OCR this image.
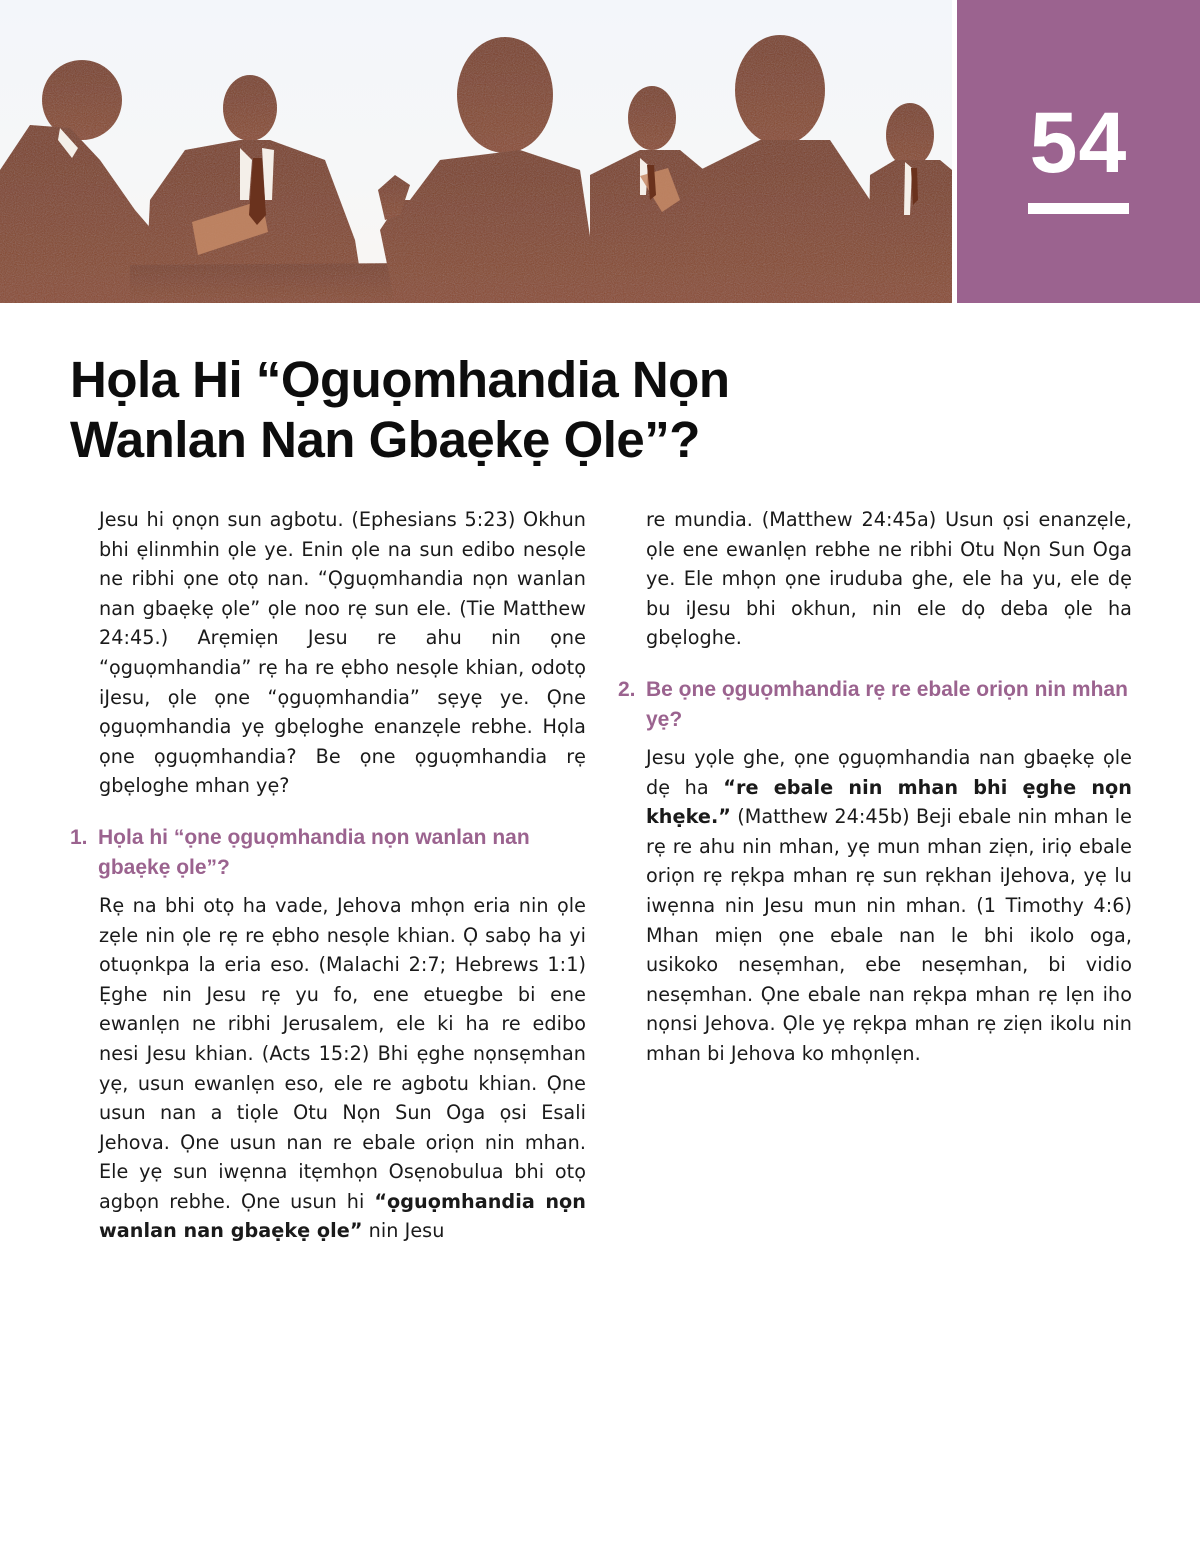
54
Họla Hi “Ọguọmhandia Nọn
Wanlan Nan Gbaẹkẹ Ọle”?

Jesu hi ọnọn sun agbotu. (Ephesians 5:23) Okhun bhi ẹlinmhin ọle ye. Enin ọle na sun edibo nesọle ne ribhi ọne otọ nan. “Ọguọmhandia nọn wanlan nan gbaẹkẹ ọle” ọle noo rẹ sun ele. (Tie Matthew 24:45.) Arẹmiẹn Jesu re ahu nin ọne “ọguọmhandia” rẹ ha re ẹbho nesọle khian, odotọ iJesu, ọle ọne “ọguọmhandia” sẹyẹ ye. Ọne ọguọmhandia yẹ gbẹloghe enanzẹle rebhe. Họla ọne ọguọmhandia? Be ọne ọguọmhandia rẹ gbẹloghe mhan yẹ?

1. Họla hi “ọne ọguọmhandia nọn wanlan nan gbaẹkẹ ọle”?

Rẹ na bhi otọ ha vade, Jehova mhọn eria nin ọle zẹle nin ọle rẹ re ẹbho nesọle khian. Ọ sabọ ha yi otuọnkpa la eria eso. (Malachi 2:7; Hebrews 1:1) Ẹghe nin Jesu rẹ yu fo, ene etuegbe bi ene ewanlẹn ne ribhi Jerusalem, ele ki ha re edibo nesi Jesu khian. (Acts 15:2) Bhi ẹghe nọnsẹmhan yẹ, usun ewanlẹn eso, ele re agbotu khian. Ọne usun nan a tiọle Otu Nọn Sun Oga ọsi Esali Jehova. Ọne usun nan re ebale oriọn nin mhan. Ele yẹ sun iwẹnna itẹmhọn Osẹnobulua bhi otọ agbọn rebhe. Ọne usun hi “ọguọmhandia nọn wanlan nan gbaẹkẹ ọle” nin Jesu

re mundia. (Matthew 24:45a) Usun ọsi enanzẹle, ọle ene ewanlẹn rebhe ne ribhi Otu Nọn Sun Oga ye. Ele mhọn ọne iruduba ghe, ele ha yu, ele dẹ bu iJesu bhi okhun, nin ele dọ deba ọle ha gbẹloghe.

2. Be ọne ọguọmhandia rẹ re ebale oriọn nin mhan yẹ?

Jesu yọle ghe, ọne ọguọmhandia nan gbaẹkẹ ọle dẹ ha “re ebale nin mhan bhi ẹghe nọn khẹke.” (Matthew 24:45b) Beji ebale nin mhan le rẹ re ahu nin mhan, yẹ mun mhan ziẹn, iriọ ebale oriọn rẹ rẹkpa mhan rẹ sun rẹkhan iJehova, yẹ lu iwẹnna nin Jesu mun nin mhan. (1 Timothy 4:6) Mhan miẹn ọne ebale nan le bhi ikolo oga, usikoko nesẹmhan, ebe nesẹmhan, bi vidio nesẹmhan. Ọne ebale nan rẹkpa mhan rẹ lẹn iho nọnsi Jehova. Ọle yẹ rẹkpa mhan rẹ ziẹn ikolu nin mhan bi Jehova ko mhọnlẹn.
